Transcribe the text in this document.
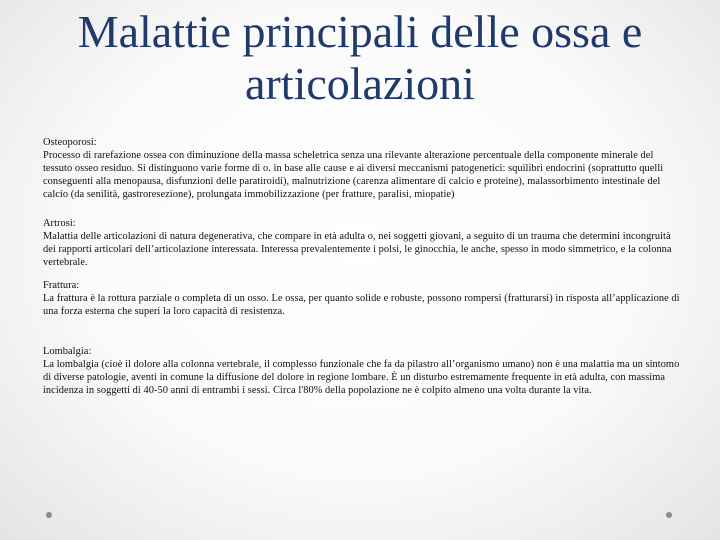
Malattie principali delle ossa e articolazioni
Osteoporosi:
Processo di rarefazione ossea con diminuzione della massa scheletrica senza una rilevante alterazione percentuale della componente minerale del tessuto osseo residuo. Si distinguono varie forme di o. in base alle cause e ai diversi meccanismi patogenetici: squilibri endocrini (soprattutto quelli conseguenti alla menopausa, disfunzioni delle paratiroidi), malnutrizione (carenza alimentare di calcio e proteine), malassorbimento intestinale del calcio (da senilità, gastroresezione), prolungata immobilizzazione (per fratture, paralisi, miopatie)
Artrosi:
Malattia delle articolazioni di natura degenerativa, che compare in età adulta o, nei soggetti giovani, a seguito di un trauma che determini incongruità dei rapporti articolari dell’articolazione interessata. Interessa prevalentemente i polsi, le ginocchia, le anche, spesso in modo simmetrico, e la colonna vertebrale.
Frattura:
La frattura è la rottura parziale o completa di un osso. Le ossa, per quanto solide e robuste, possono rompersi (fratturarsi) in risposta all’applicazione di una forza esterna che superi la loro capacità di resistenza.
Lombalgia:
La lombalgia (cioè il dolore alla colonna vertebrale, il complesso funzionale che fa da pilastro all’organismo umano) non è una malattia ma un sintomo di diverse patologie, aventi in comune la diffusione del dolore in regione lombare. È un disturbo estremamente frequente in età adulta, con massima incidenza in soggetti di 40-50 anni di entrambi i sessi. Circa l'80% della popolazione ne è colpito almeno una volta durante la vita.
